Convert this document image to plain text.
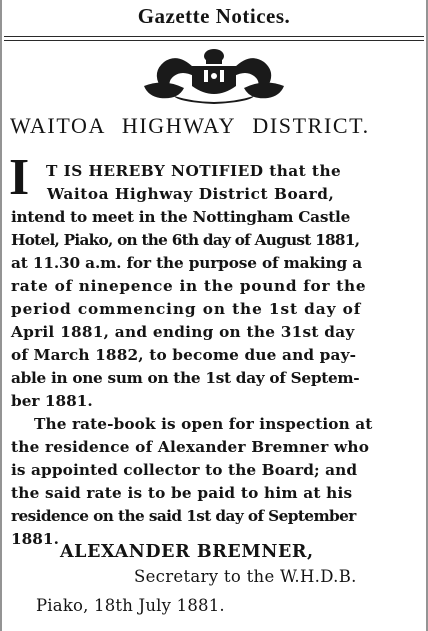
Gazette Notices.
WAITOA HIGHWAY DISTRICT.
I T IS HEREBY NOTIFIED that the
Waitoa Highway District Board,
intend to meet in the Nottingham Castle
Hotel, Piako, on the 6th day of August 1881,
at 11.30 a.m. for the purpose of making a
rate of ninepence in the pound for the
period commencing on the 1st day of
April 1881, and ending on the 31st day
of March 1882, to become due and pay-
able in one sum on the 1st day of Septem-
ber 1881.
The rate-book is open for inspection at
the residence of Alexander Bremner who
is appointed collector to the Board; and
the said rate is to be paid to him at his
residence on the said 1st day of September
1881.
ALEXANDER BREMNER,
Secretary to the W.H.D.B.
Piako, 18th July 1881.
